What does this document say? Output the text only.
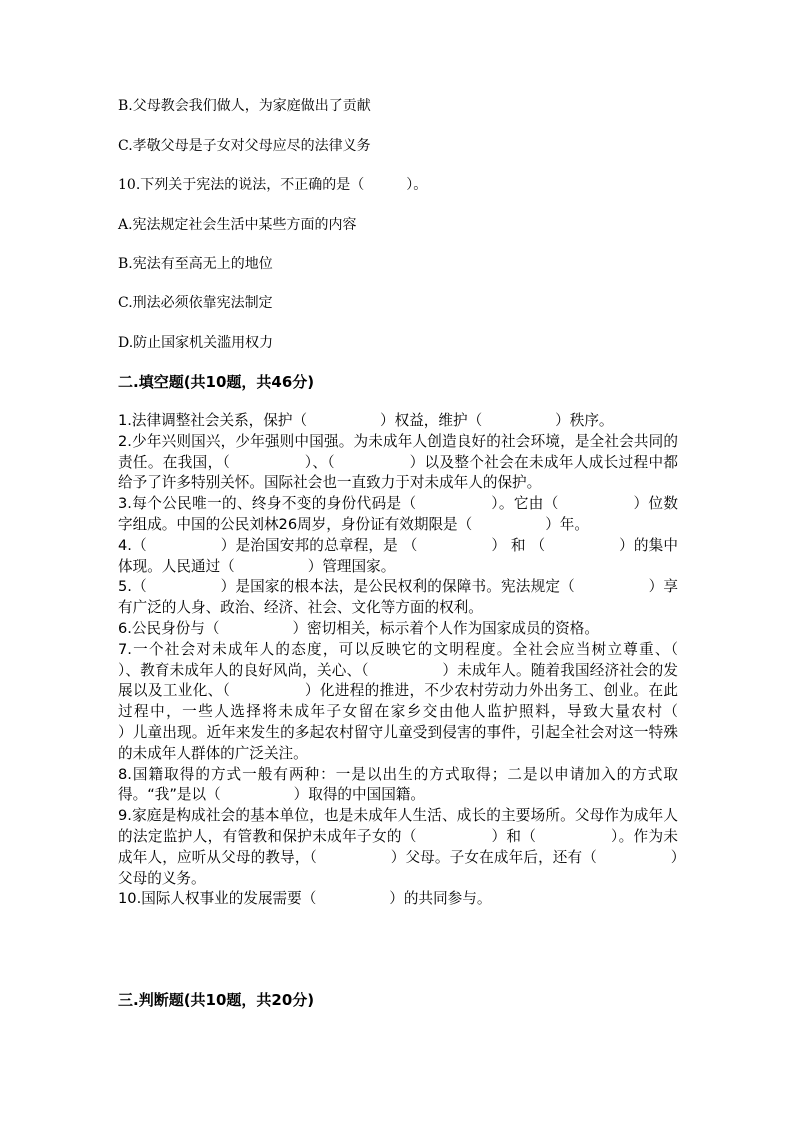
B.父母教会我们做人，为家庭做出了贡献
C.孝敬父母是子女对父母应尽的法律义务
10.下列关于宪法的说法，不正确的是（　　　）。
A.宪法规定社会生活中某些方面的内容
B.宪法有至高无上的地位
C.刑法必须依靠宪法制定
D.防止国家机关滥用权力
二.填空题(共10题，共46分)

1.法律调整社会关系，保护（　　　　　）权益，维护（　　　　　）秩序。

2.少年兴则国兴，少年强则中国强。为未成年人创造良好的社会环境，是全社会共同的责任。在我国，（　　　　　）、（　　　　　）以及整个社会在未成年人成长过程中都给予了许多特别关怀。国际社会也一直致力于对未成年人的保护。

3.每个公民唯一的、终身不变的身份代码是（　　　　　）。它由（　　　　　）位数字组成。中国的公民刘林26周岁，身份证有效期限是（　　　　　）年。

4.（　　　　　）是治国安邦的总章程，是 （　　　　　） 和 （　　　　　）的集中体现。人民通过（　　　　　）管理国家。

5.（　　　　　）是国家的根本法，是公民权利的保障书。宪法规定（　　　　　）享有广泛的人身、政治、经济、社会、文化等方面的权利。

6.公民身份与（　　　　　）密切相关，标示着个人作为国家成员的资格。

7.一个社会对未成年人的态度，可以反映它的文明程度。全社会应当树立尊重、（　　　　　）、教育未成年人的良好风尚，关心、（　　　　　）未成年人。随着我国经济社会的发展以及工业化、（　　　　　）化进程的推进，不少农村劳动力外出务工、创业。在此过程中，一些人选择将未成年子女留在家乡交由他人监护照料，导致大量农村（　　　　　）儿童出现。近年来发生的多起农村留守儿童受到侵害的事件，引起全社会对这一特殊的未成年人群体的广泛关注。

8.国籍取得的方式一般有两种：一是以出生的方式取得；二是以申请加入的方式取得。“我”是以（　　　　　）取得的中国国籍。

9.家庭是构成社会的基本单位，也是未成年人生活、成长的主要场所。父母作为成年人的法定监护人，有管教和保护未成年子女的（　　　　　）和（　　　　　）。作为未成年人，应听从父母的教导，（　　　　　）父母。子女在成年后，还有（　　　　　）父母的义务。

10.国际人权事业的发展需要（　　　　　）的共同参与。

三.判断题(共10题，共20分)
